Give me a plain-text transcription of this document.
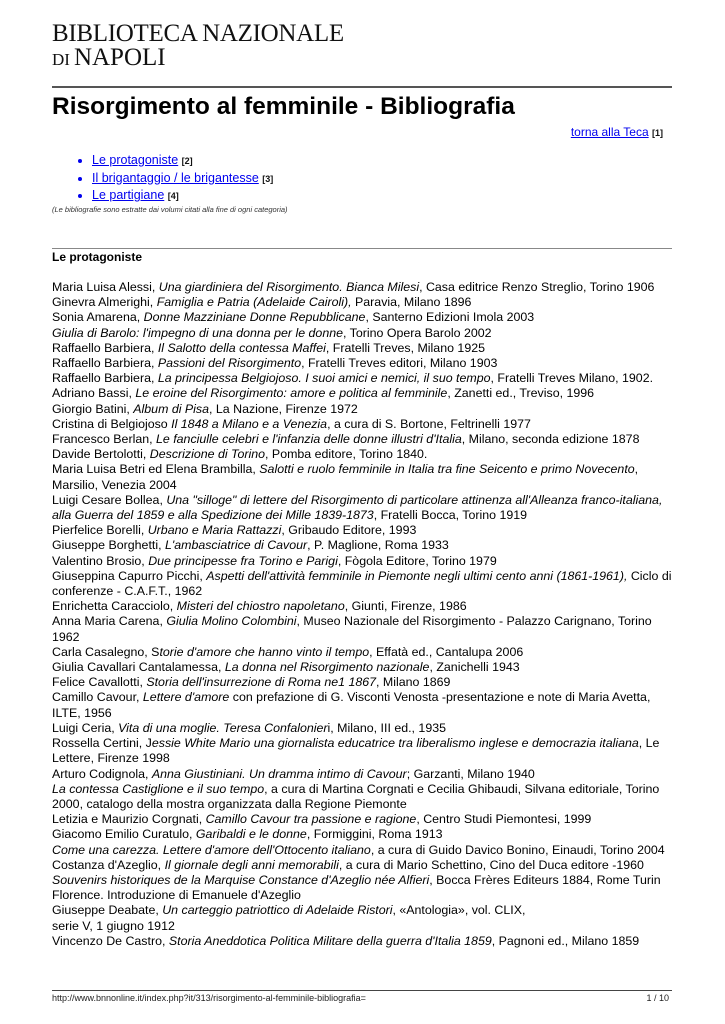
BIBLIOTECA NAZIONALE
DI NAPOLI
Risorgimento al femminile - Bibliografia
torna alla Teca [1]
• Le protagoniste [2]
• Il brigantaggio / le brigantesse [3]
• Le partigiane [4]
(Le bibliografie sono estratte dai volumi citati alla fine di ogni categoria)
Le protagoniste
Maria Luisa Alessi, Una giardiniera del Risorgimento. Bianca Milesi, Casa editrice Renzo Streglio, Torino 1906
Ginevra Almerighi, Famiglia e Patria (Adelaide Cairoli), Paravia, Milano 1896
Sonia Amarena, Donne Mazziniane Donne Repubblicane, Santerno Edizioni Imola 2003
Giulia di Barolo: l'impegno di una donna per le donne, Torino Opera Barolo 2002
Raffaello Barbiera, Il Salotto della contessa Maffei, Fratelli Treves, Milano 1925
Raffaello Barbiera, Passioni del Risorgimento, Fratelli Treves editori, Milano 1903
Raffaello Barbiera, La principessa Belgiojoso. I suoi amici e nemici, il suo tempo, Fratelli Treves Milano, 1902.
Adriano Bassi, Le eroine del Risorgimento: amore e politica al femminile, Zanetti ed., Treviso, 1996
Giorgio Batini, Album di Pisa, La Nazione, Firenze 1972
Cristina di Belgiojoso Il 1848 a Milano e a Venezia, a cura di S. Bortone, Feltrinelli 1977
Francesco Berlan, Le fanciulle celebri e l'infanzia delle donne illustri d'Italia, Milano, seconda edizione 1878
Davide Bertolotti, Descrizione di Torino, Pomba editore, Torino 1840.
Maria Luisa Betri ed Elena Brambilla, Salotti e ruolo femminile in Italia tra fine Seicento e primo Novecento,
Marsilio, Venezia 2004
Luigi Cesare Bollea, Una "silloge" di lettere del Risorgimento di particolare attinenza all'Alleanza franco-italiana, alla Guerra del 1859 e alla Spedizione dei Mille 1839-1873, Fratelli Bocca, Torino 1919
Pierfelice Borelli, Urbano e Maria Rattazzi, Gribaudo Editore, 1993
Giuseppe Borghetti, L'ambasciatrice di Cavour, P. Maglione, Roma 1933
Valentino Brosio, Due principesse fra Torino e Parigi, Fògola Editore, Torino 1979
Giuseppina Capurro Picchi, Aspetti dell'attività femminile in Piemonte negli ultimi cento anni (1861-1961), Ciclo di
conferenze - C.A.F.T., 1962
Enrichetta Caracciolo, Misteri del chiostro napoletano, Giunti, Firenze, 1986
Anna Maria Carena, Giulia Molino Colombini, Museo Nazionale del Risorgimento - Palazzo Carignano, Torino 1962
Carla Casalegno, Storie d'amore che hanno vinto il tempo, Effatà ed., Cantalupa 2006
Giulia Cavallari Cantalamessa, La donna nel Risorgimento nazionale, Zanichelli 1943
Felice Cavallotti, Storia dell'insurrezione di Roma ne1 1867, Milano 1869
Camillo Cavour, Lettere d'amore con prefazione di G. Visconti Venosta -presentazione e note di Maria Avetta,
ILTE, 1956
Luigi Ceria, Vita di una moglie. Teresa Confalonieri, Milano, III ed., 1935
Rossella Certini, Jessie White Mario una giornalista educatrice tra liberalismo inglese e democrazia italiana, Le
Lettere, Firenze 1998
Arturo Codignola, Anna Giustiniani. Un dramma intimo di Cavour; Garzanti, Milano 1940
La contessa Castiglione e il suo tempo, a cura di Martina Corgnati e Cecilia Ghibaudi, Silvana editoriale, Torino
2000, catalogo della mostra organizzata dalla Regione Piemonte
Letizia e Maurizio Corgnati, Camillo Cavour tra passione e ragione, Centro Studi Piemontesi, 1999
Giacomo Emilio Curatulo, Garibaldi e le donne, Formiggini, Roma 1913
Come una carezza. Lettere d'amore dell'Ottocento italiano, a cura di Guido Davico Bonino, Einaudi, Torino 2004
Costanza d'Azeglio, Il giornale degli anni memorabili, a cura di Mario Schettino, Cino del Duca editore -1960
Souvenirs historiques de la Marquise Constance d'Azeglio née Alfieri, Bocca Frères Editeurs 1884, Rome Turin
Florence. Introduzione di Emanuele d'Azeglio
Giuseppe Deabate, Un carteggio patriottico di Adelaide Ristori, «Antologia», vol. CLIX,
serie V, 1 giugno 1912
Vincenzo De Castro, Storia Aneddotica Politica Militare della guerra d'Italia 1859, Pagnoni ed., Milano 1859
http://www.bnnonline.it/index.php?it/313/risorgimento-al-femminile-bibliografia=	1 / 10
